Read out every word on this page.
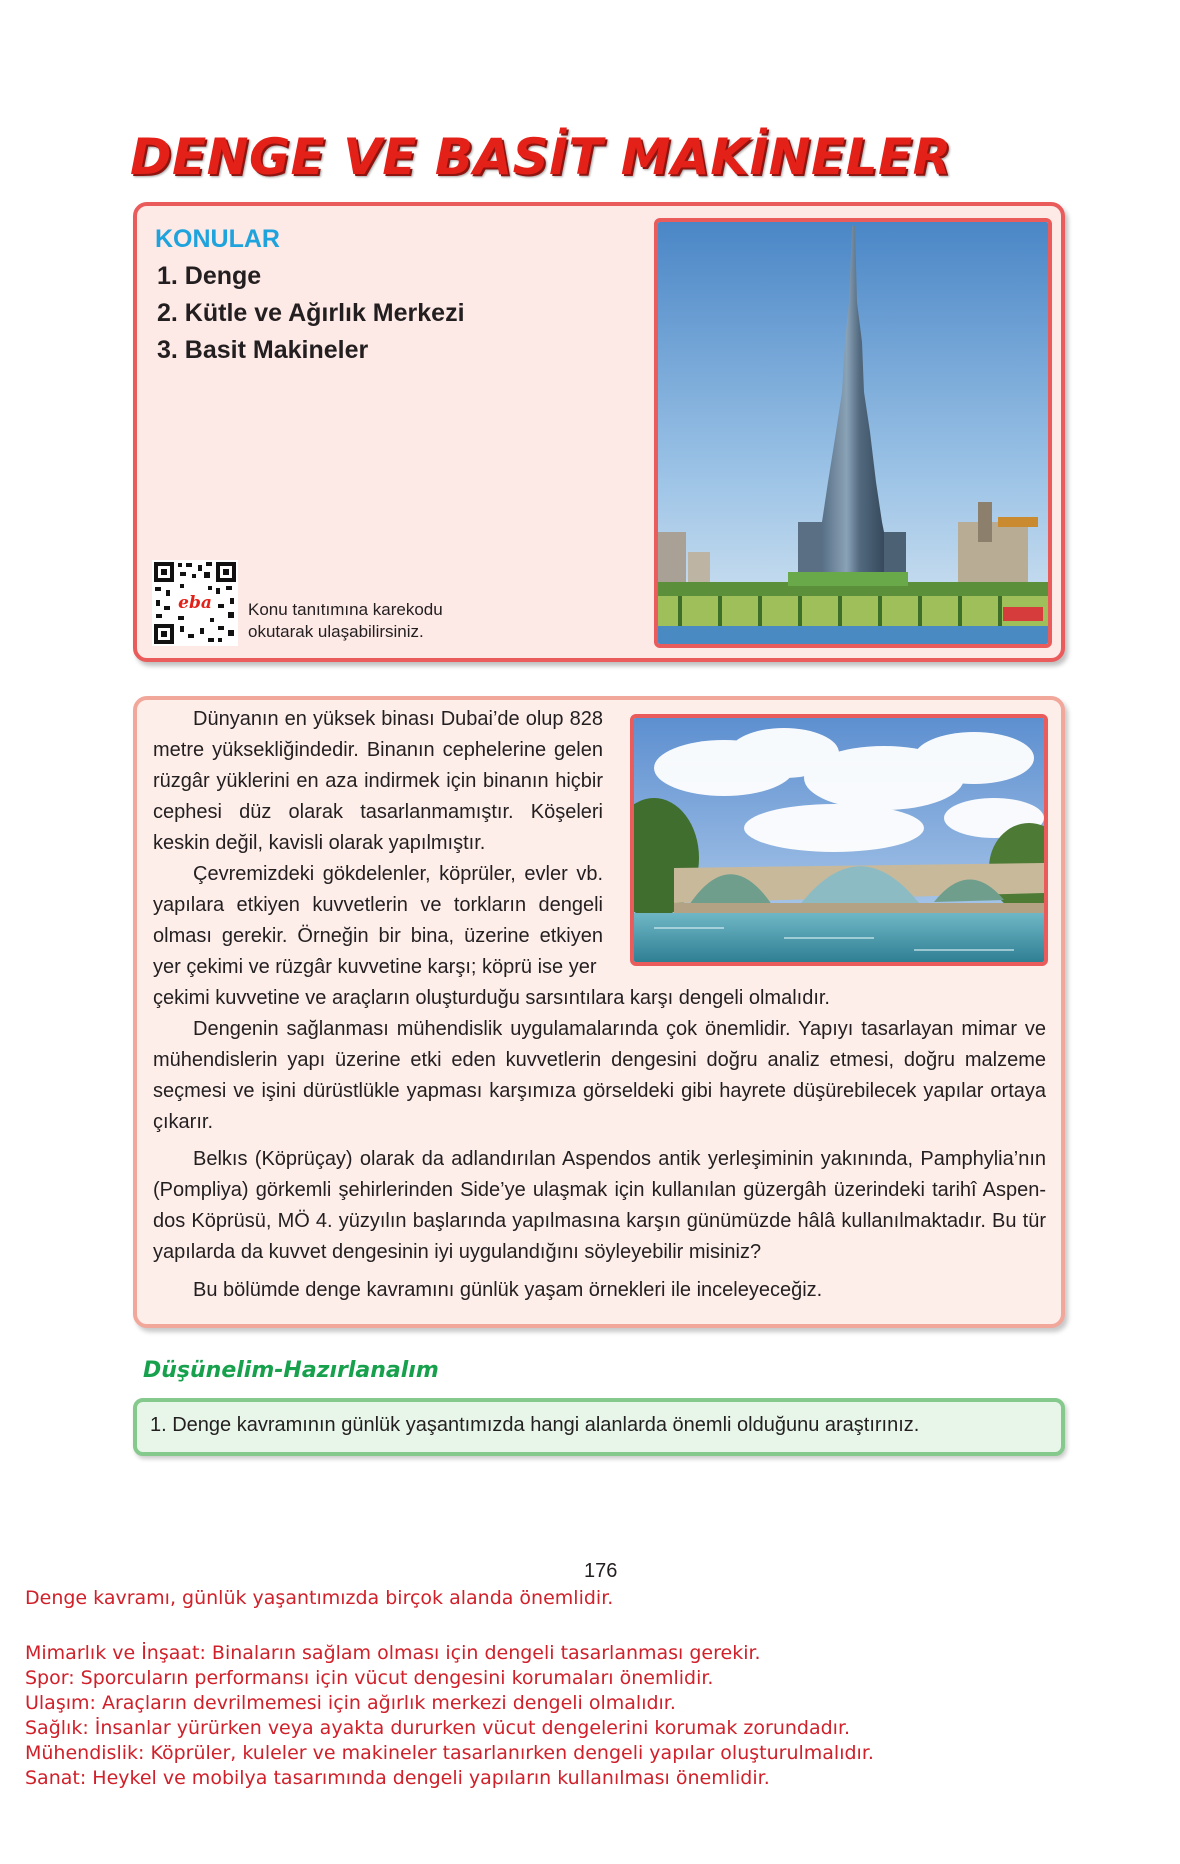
DENGE VE BASİT MAKİNELER
KONULAR
1. Denge
2. Kütle ve Ağırlık Merkezi
3. Basit Makineler
eba Konu tanıtımına karekodu
okutarak ulaşabilirsiniz.
Dünyanın en yüksek binası Dubai’de olup 828 metre yüksekliğindedir. Binanın cephelerine gelen rüzgâr yüklerini en aza indirmek için binanın hiçbir cephesi düz olarak tasarlanmamıştır. Köşeleri keskin değil, kavisli olarak yapılmıştır.
Çevremizdeki gökdelenler, köprüler, evler vb. yapılara etkiyen kuvvetlerin ve torkların dengeli olması gerekir. Örneğin bir bina, üzerine etkiyen yer çekimi ve rüzgâr kuvvetine karşı; köprü ise yer
çekimi kuvvetine ve araçların oluşturduğu sarsıntılara karşı dengeli olmalıdır.
Dengenin sağlanması mühendislik uygulamalarında çok önemlidir. Yapıyı tasarlayan mimar ve mühendislerin yapı üzerine etki eden kuvvetlerin dengesini doğru analiz etmesi, doğru malzeme seçmesi ve işini dürüstlükle yapması karşımıza görseldeki gibi hayrete düşürebilecek yapılar ortaya çıkarır.
Belkıs (Köprüçay) olarak da adlandırılan Aspendos antik yerleşiminin yakınında, Pamphylia’nın (Pompliya) görkemli şehirlerinden Side’ye ulaşmak için kullanılan güzergâh üzerindeki tarihî Aspendos Köprüsü, MÖ 4. yüzyılın başlarında yapılmasına karşın günümüzde hâlâ kullanılmaktadır. Bu tür yapılarda da kuvvet dengesinin iyi uygulandığını söyleyebilir misiniz?
Bu bölümde denge kavramını günlük yaşam örnekleri ile inceleyeceğiz.
Düşünelim-Hazırlanalım
1. Denge kavramının günlük yaşantımızda hangi alanlarda önemli olduğunu araştırınız.
176
Denge kavramı, günlük yaşantımızda birçok alanda önemlidir.
Mimarlık ve İnşaat: Binaların sağlam olması için dengeli tasarlanması gerekir.
Spor: Sporcuların performansı için vücut dengesini korumaları önemlidir.
Ulaşım: Araçların devrilmemesi için ağırlık merkezi dengeli olmalıdır.
Sağlık: İnsanlar yürürken veya ayakta dururken vücut dengelerini korumak zorundadır.
Mühendislik: Köprüler, kuleler ve makineler tasarlanırken dengeli yapılar oluşturulmalıdır.
Sanat: Heykel ve mobilya tasarımında dengeli yapıların kullanılması önemlidir.
